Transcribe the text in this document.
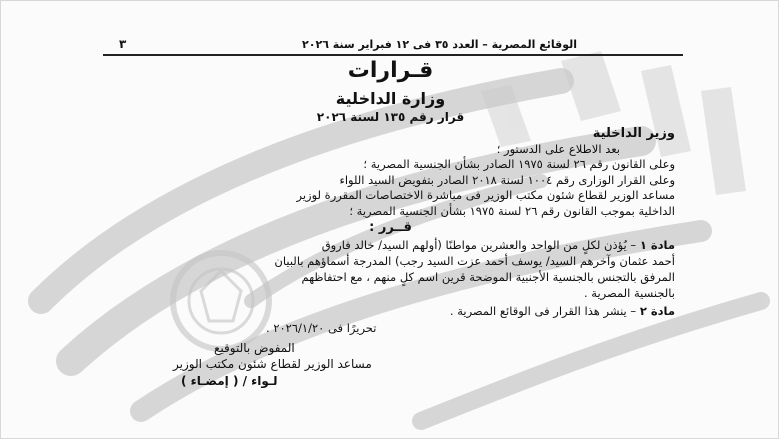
الوقائع المصرية – العدد ٣٥ فى ١٢ فبراير سنة ٢٠٢٦
٣
قـرارات
وزارة الداخلية
قرار رقم ١٣٥ لسنة ٢٠٢٦
وزير الداخلية
بعد الاطلاع على الدستور ؛
وعلى القانون رقم ٢٦ لسنة ١٩٧٥ الصادر بشأن الجنسية المصرية ؛
وعلى القرار الوزارى رقم ١٠٠٤ لسنة ٢٠١٨ الصادر بتفويض السيد اللواء
مساعد الوزير لقطاع شئون مكتب الوزير فى مباشرة الاختصاصات المقررة لوزير
الداخلية بموجب القانون رقم ٢٦ لسنة ١٩٧٥ بشأن الجنسية المصرية ؛
قــرر :
مادة ١ – يُؤذن لكلٍ من الواحد والعشرين مواطنًا (أولهم السيد/ خالد فاروق
أحمد عثمان وآخرهم السيد/ يوسف أحمد عزت السيد رجب) المدرجة أسماؤهم بالبيان
المرفق بالتجنس بالجنسية الأجنبية الموضحة قرين اسم كلٍ منهم ، مع احتفاظهم
بالجنسية المصرية .
مادة ٢ – ينشر هذا القرار فى الوقائع المصرية .
تحريرًا فى ٢٠٢٦/١/٢٠ .
المفوض بالتوقيع
مساعد الوزير لقطاع شئون مكتب الوزير
لـواء / ( إمضـاء )
